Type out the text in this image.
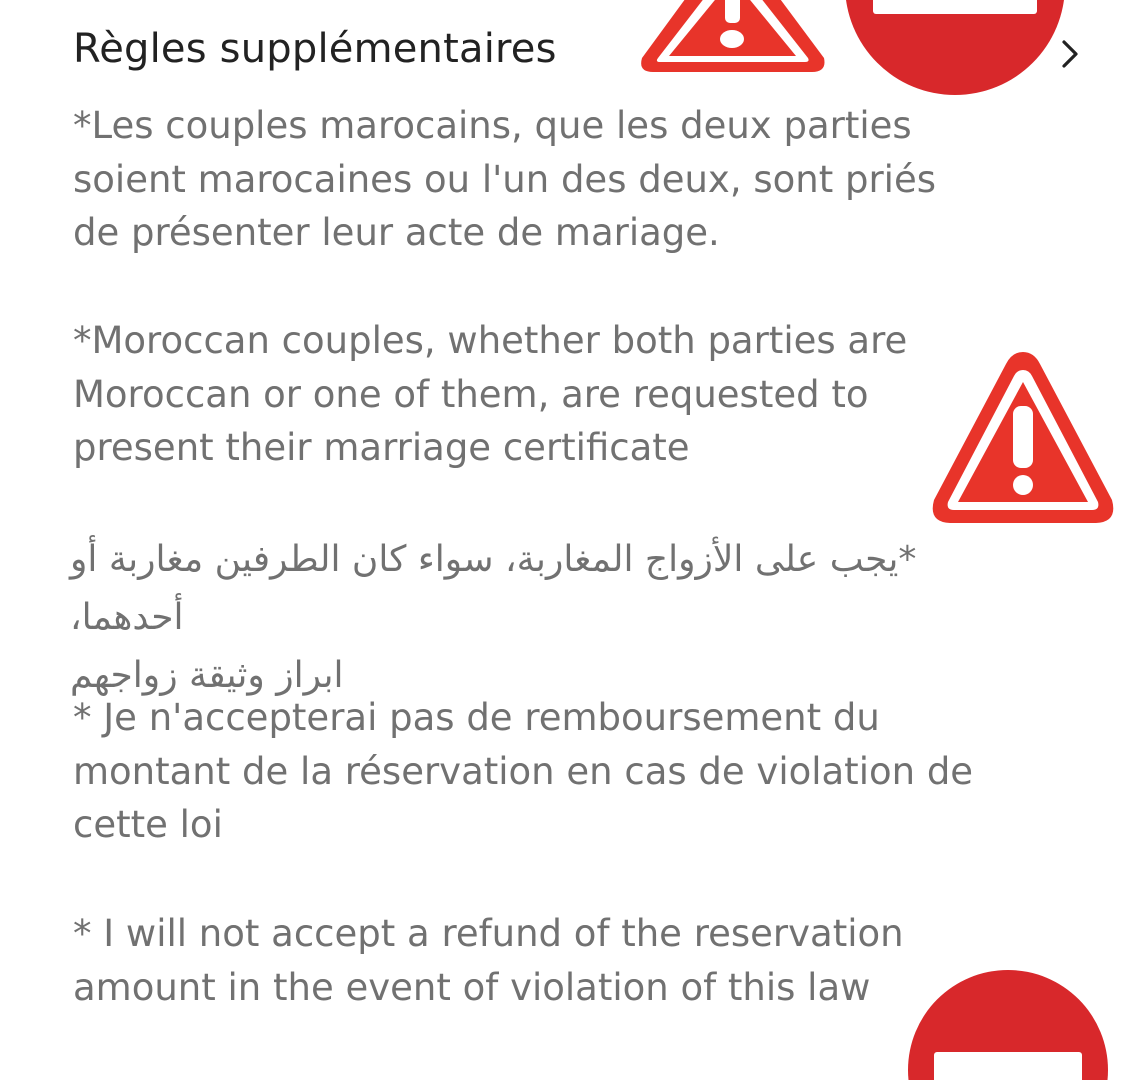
Règles supplémentaires
*Les couples marocains, que les deux parties
soient marocaines ou l'un des deux, sont priés
de présenter leur acte de mariage.
*Moroccan couples, whether both parties are
Moroccan or one of them, are requested to
present their marriage certificate
*يجب على الأزواج المغاربة، سواء كان الطرفين مغاربة أو أحدهما،
ابراز وثيقة زواجهم
* Je n'accepterai pas de remboursement du
montant de la réservation en cas de violation de
cette loi
* I will not accept a refund of the reservation
amount in the event of violation of this law
